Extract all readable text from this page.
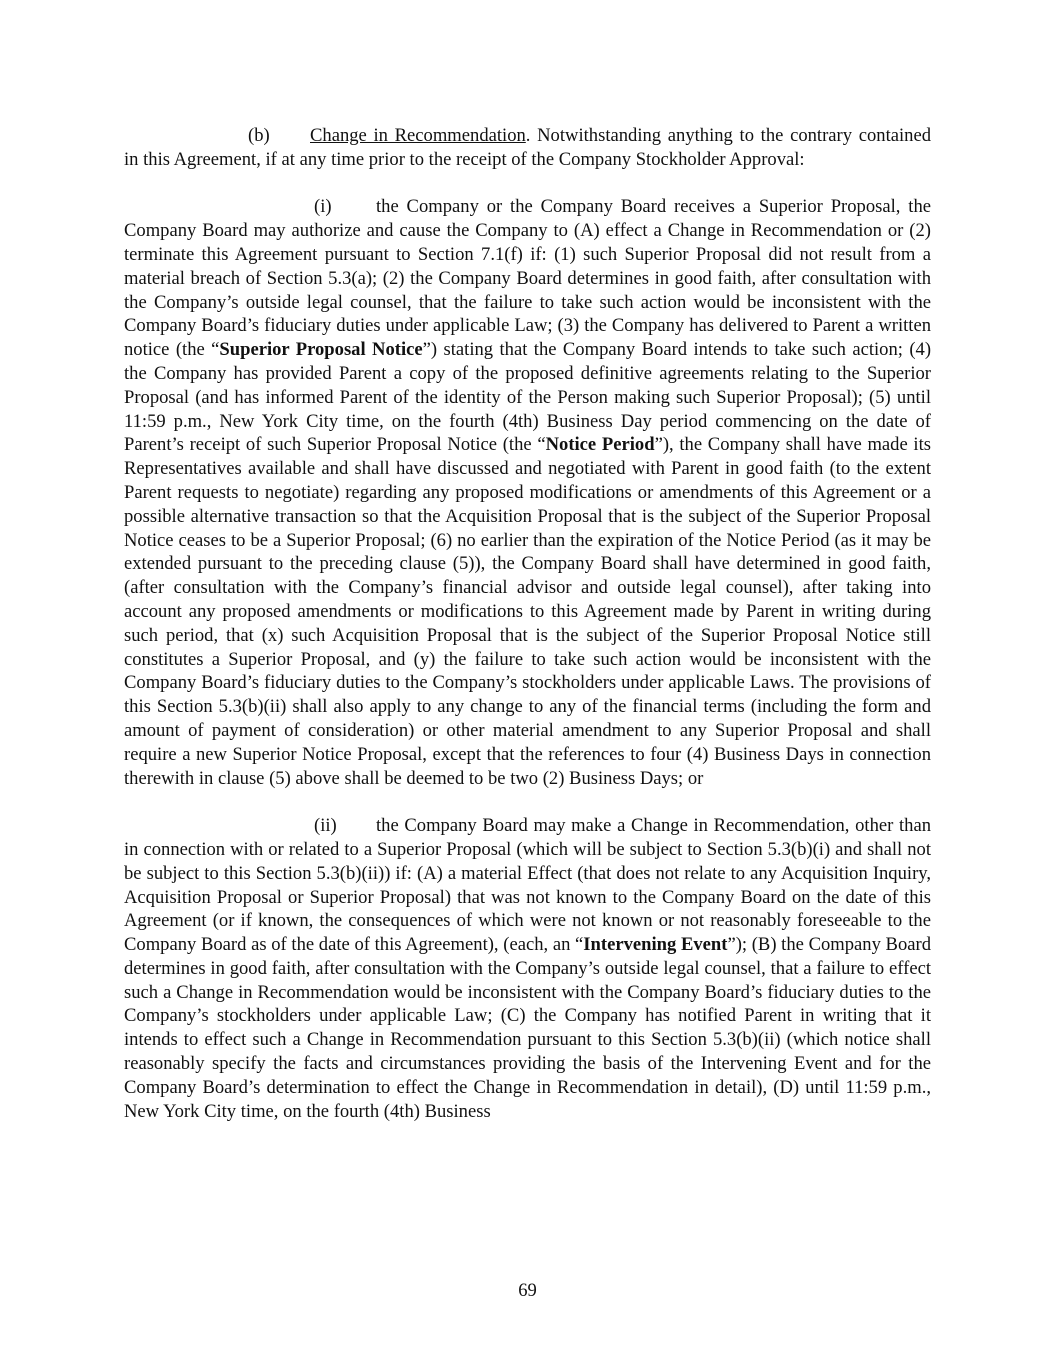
(b) Change in Recommendation. Notwithstanding anything to the contrary contained in this Agreement, if at any time prior to the receipt of the Company Stockholder Approval:

(i) the Company or the Company Board receives a Superior Proposal, the Company Board may authorize and cause the Company to (A) effect a Change in Recommendation or (2) terminate this Agreement pursuant to Section 7.1(f) if: (1) such Superior Proposal did not result from a material breach of Section 5.3(a); (2) the Company Board determines in good faith, after consultation with the Company’s outside legal counsel, that the failure to take such action would be inconsistent with the Company Board’s fiduciary duties under applicable Law; (3) the Company has delivered to Parent a written notice (the “Superior Proposal Notice”) stating that the Company Board intends to take such action; (4) the Company has provided Parent a copy of the proposed definitive agreements relating to the Superior Proposal (and has informed Parent of the identity of the Person making such Superior Proposal); (5) until 11:59 p.m., New York City time, on the fourth (4th) Business Day period commencing on the date of Parent’s receipt of such Superior Proposal Notice (the “Notice Period”), the Company shall have made its Representatives available and shall have discussed and negotiated with Parent in good faith (to the extent Parent requests to negotiate) regarding any proposed modifications or amendments of this Agreement or a possible alternative transaction so that the Acquisition Proposal that is the subject of the Superior Proposal Notice ceases to be a Superior Proposal; (6) no earlier than the expiration of the Notice Period (as it may be extended pursuant to the preceding clause (5)), the Company Board shall have determined in good faith, (after consultation with the Company’s financial advisor and outside legal counsel), after taking into account any proposed amendments or modifications to this Agreement made by Parent in writing during such period, that (x) such Acquisition Proposal that is the subject of the Superior Proposal Notice still constitutes a Superior Proposal, and (y) the failure to take such action would be inconsistent with the Company Board’s fiduciary duties to the Company’s stockholders under applicable Laws. The provisions of this Section 5.3(b)(ii) shall also apply to any change to any of the financial terms (including the form and amount of payment of consideration) or other material amendment to any Superior Proposal and shall require a new Superior Notice Proposal, except that the references to four (4) Business Days in connection therewith in clause (5) above shall be deemed to be two (2) Business Days; or

(ii) the Company Board may make a Change in Recommendation, other than in connection with or related to a Superior Proposal (which will be subject to Section 5.3(b)(i) and shall not be subject to this Section 5.3(b)(ii)) if: (A) a material Effect (that does not relate to any Acquisition Inquiry, Acquisition Proposal or Superior Proposal) that was not known to the Company Board on the date of this Agreement (or if known, the consequences of which were not known or not reasonably foreseeable to the Company Board as of the date of this Agreement), (each, an “Intervening Event”); (B) the Company Board determines in good faith, after consultation with the Company’s outside legal counsel, that a failure to effect such a Change in Recommendation would be inconsistent with the Company Board’s fiduciary duties to the Company’s stockholders under applicable Law; (C) the Company has notified Parent in writing that it intends to effect such a Change in Recommendation pursuant to this Section 5.3(b)(ii) (which notice shall reasonably specify the facts and circumstances providing the basis of the Intervening Event and for the Company Board’s determination to effect the Change in Recommendation in detail), (D) until 11:59 p.m., New York City time, on the fourth (4th) Business

69
